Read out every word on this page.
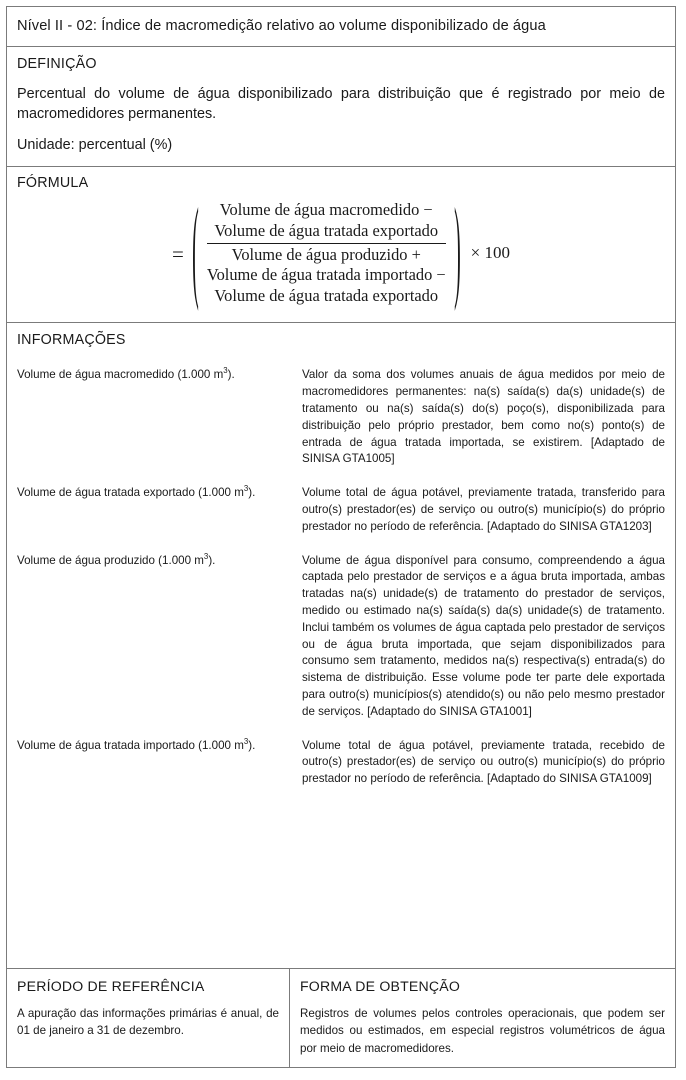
Nível II - 02: Índice de macromedição relativo ao volume disponibilizado de água
DEFINIÇÃO
Percentual do volume de água disponibilizado para distribuição que é registrado por meio de macromedidores permanentes.
Unidade: percentual (%)
FÓRMULA
= ( Volume de água macromedido −
Volume de água tratada exportado
Volume de água produzido +
Volume de água tratada importado −
Volume de água tratada exportado ) × 100
INFORMAÇÕES
Volume de água macromedido (1.000 $m^3$).	Valor da soma dos volumes anuais de água medidos por meio de macromedidores permanentes: na(s) saída(s) da(s) unidade(s) de tratamento ou na(s) saída(s) do(s) poço(s), disponibilizada para distribuição pelo próprio prestador, bem como no(s) ponto(s) de entrada de água tratada importada, se existirem. [Adaptado de SINISA GTA1005]
Volume de água tratada exportado (1.000 $m^3$).	Volume total de água potável, previamente tratada, transferido para outro(s) prestador(es) de serviço ou outro(s) município(s) do próprio prestador no período de referência. [Adaptado do SINISA GTA1203]
Volume de água produzido (1.000 $m^3$).	Volume de água disponível para consumo, compreendendo a água captada pelo prestador de serviços e a água bruta importada, ambas tratadas na(s) unidade(s) de tratamento do prestador de serviços, medido ou estimado na(s) saída(s) da(s) unidade(s) de tratamento. Inclui também os volumes de água captada pelo prestador de serviços ou de água bruta importada, que sejam disponibilizados para consumo sem tratamento, medidos na(s) respectiva(s) entrada(s) do sistema de distribuição. Esse volume pode ter parte dele exportada para outro(s) municípios(s) atendido(s) ou não pelo mesmo prestador de serviços. [Adaptado do SINISA GTA1001]
Volume de água tratada importado (1.000 $m^3$).	Volume total de água potável, previamente tratada, recebido de outro(s) prestador(es) de serviço ou outro(s) município(s) do próprio prestador no período de referência. [Adaptado do SINISA GTA1009]
PERÍODO DE REFERÊNCIA
A apuração das informações primárias é anual, de 01 de janeiro a 31 de dezembro.
FORMA DE OBTENÇÃO
Registros de volumes pelos controles operacionais, que podem ser medidos ou estimados, em especial registros volumétricos de água por meio de macromedidores.
